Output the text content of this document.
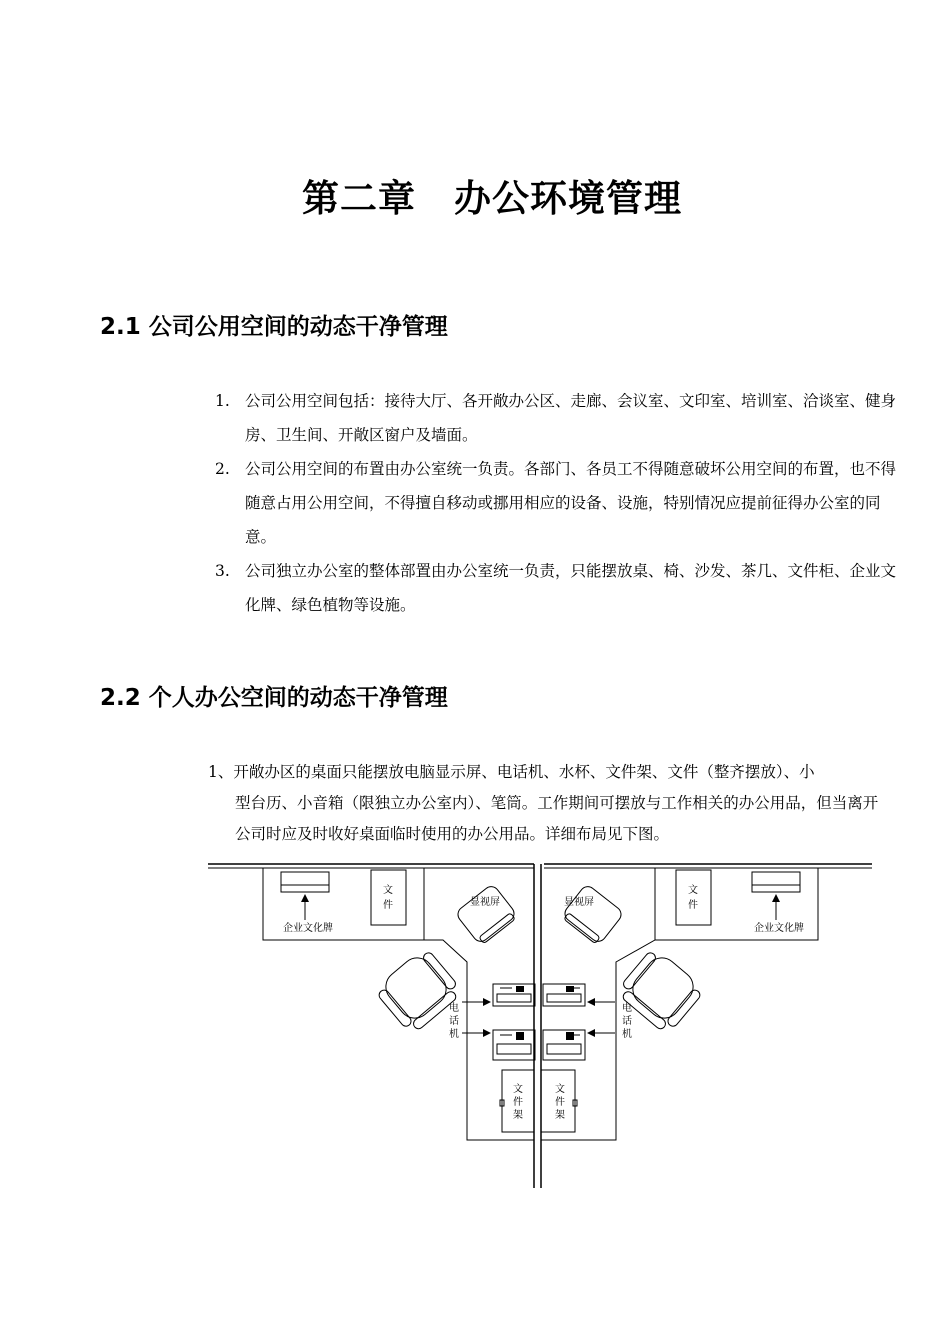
第二章　办公环境管理
2.1 公司公用空间的动态干净管理
1. 公司公用空间包括：接待大厅、各开敞办公区、走廊、会议室、文印室、培训室、洽谈室、健身房、卫生间、开敞区窗户及墙面。
2. 公司公用空间的布置由办公室统一负责。各部门、各员工不得随意破坏公用空间的布置，也不得随意占用公用空间，不得擅自移动或挪用相应的设备、设施，特别情况应提前征得办公室的同意。
3. 公司独立办公室的整体部置由办公室统一负责，只能摆放桌、椅、沙发、茶几、文件柜、企业文化牌、绿色植物等设施。
2.2 个人办公空间的动态干净管理
1、开敞办区的桌面只能摆放电脑显示屏、电话机、水杯、文件架、文件（整齐摆放）、小
型台历、小音箱（限独立办公室内）、笔筒。工作期间可摆放与工作相关的办公用品，但当离开公司时应及时收好桌面临时使用的办公用品。详细布局见下图。
企业文化牌	企业文化牌
文
件
文
件
显视屏	显视屏
电
话
机
电
话
机
文
件
架
文
件
架
